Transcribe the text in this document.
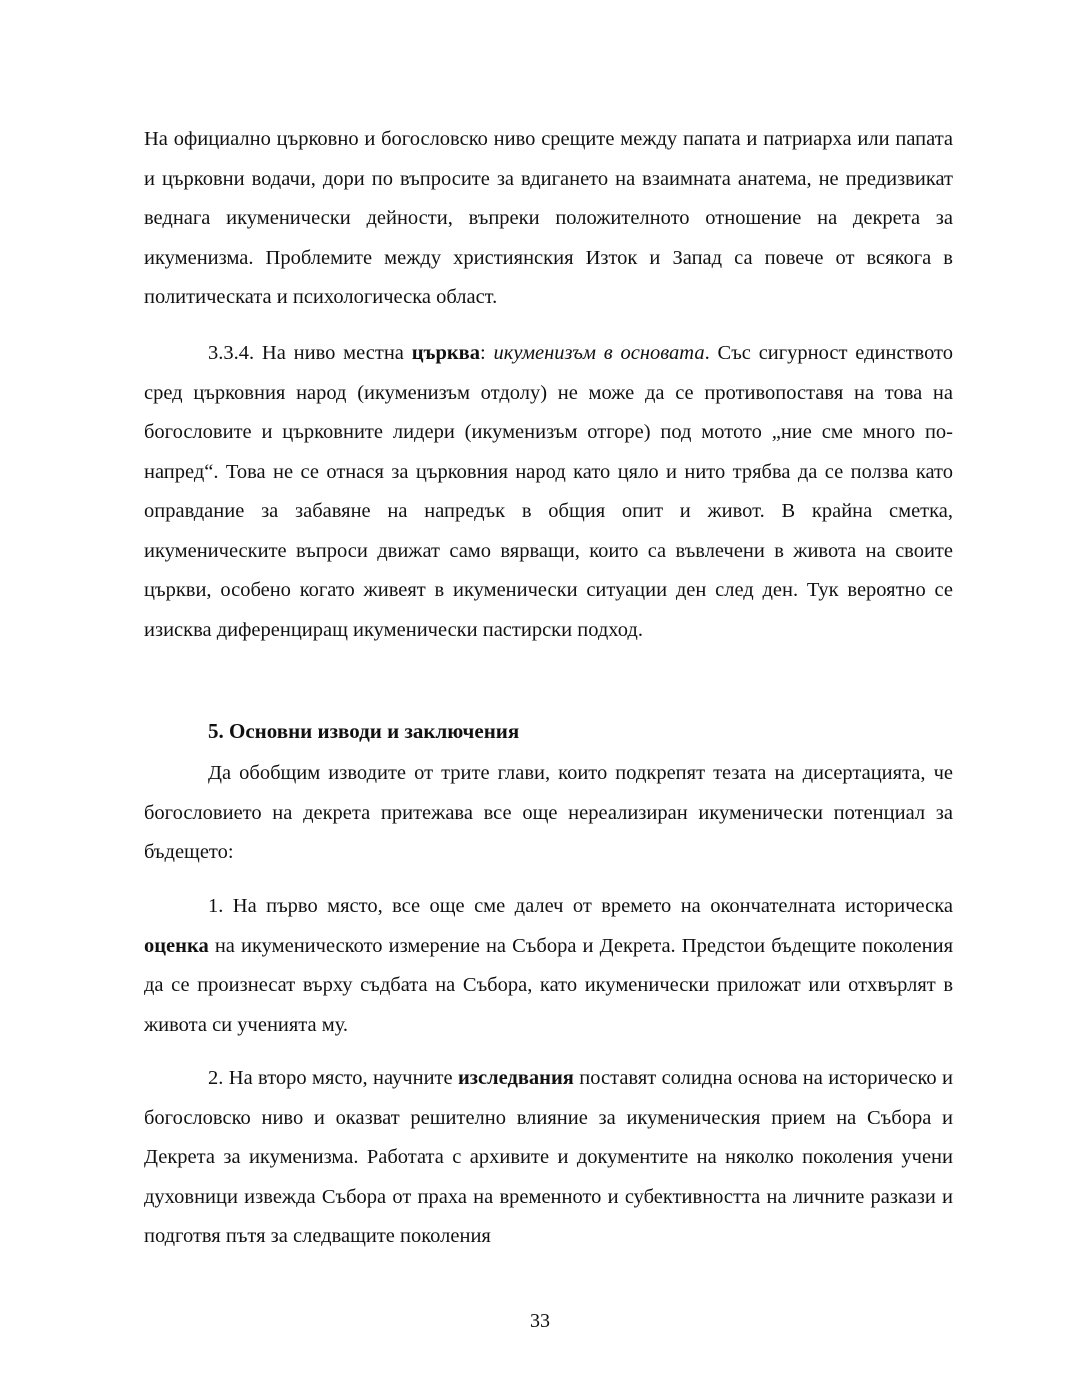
На официално църковно и богословско ниво срещите между папата и патриарха или папата и църковни водачи, дори по въпросите за вдигането на взаимната анатема, не предизвикат веднага икуменически дейности, въпреки положителното отношение на декрета за икуменизма. Проблемите между християнския Изток и Запад са повече от всякога в политическата и психологическа област.

3.3.4. На ниво местна църква: икуменизъм в основата. Със сигурност единството сред църковния народ (икуменизъм отдолу) не може да се противопоставя на това на богословите и църковните лидери (икуменизъм отгоре) под мотото „ние сме много по-напред“. Това не се отнася за църковния народ като цяло и нито трябва да се ползва като оправдание за забавяне на напредък в общия опит и живот. В крайна сметка, икуменическите въпроси движат само вярващи, които са въвлечени в живота на своите църкви, особено когато живеят в икуменически ситуации ден след ден. Тук вероятно се изисква диференциращ икуменически пастирски подход.

5. Основни изводи и заключения

Да обобщим изводите от трите глави, които подкрепят тезата на дисертацията, че богословието на декрета притежава все още нереализиран икуменически потенциал за бъдещето:

1. На първо място, все още сме далеч от времето на окончателната историческа оценка на икуменическото измерение на Събора и Декрета. Предстои бъдещите поколения да се произнесат върху съдбата на Събора, като икуменически приложат или отхвърлят в живота си ученията му.

2. На второ място, научните изследвания поставят солидна основа на историческо и богословско ниво и оказват решително влияние за икуменическия прием на Събора и Декрета за икуменизма. Работата с архивите и документите на няколко поколения учени духовници извежда Събора от праха на временното и субективността на личните разкази и подготвя пътя за следващите поколения

33
